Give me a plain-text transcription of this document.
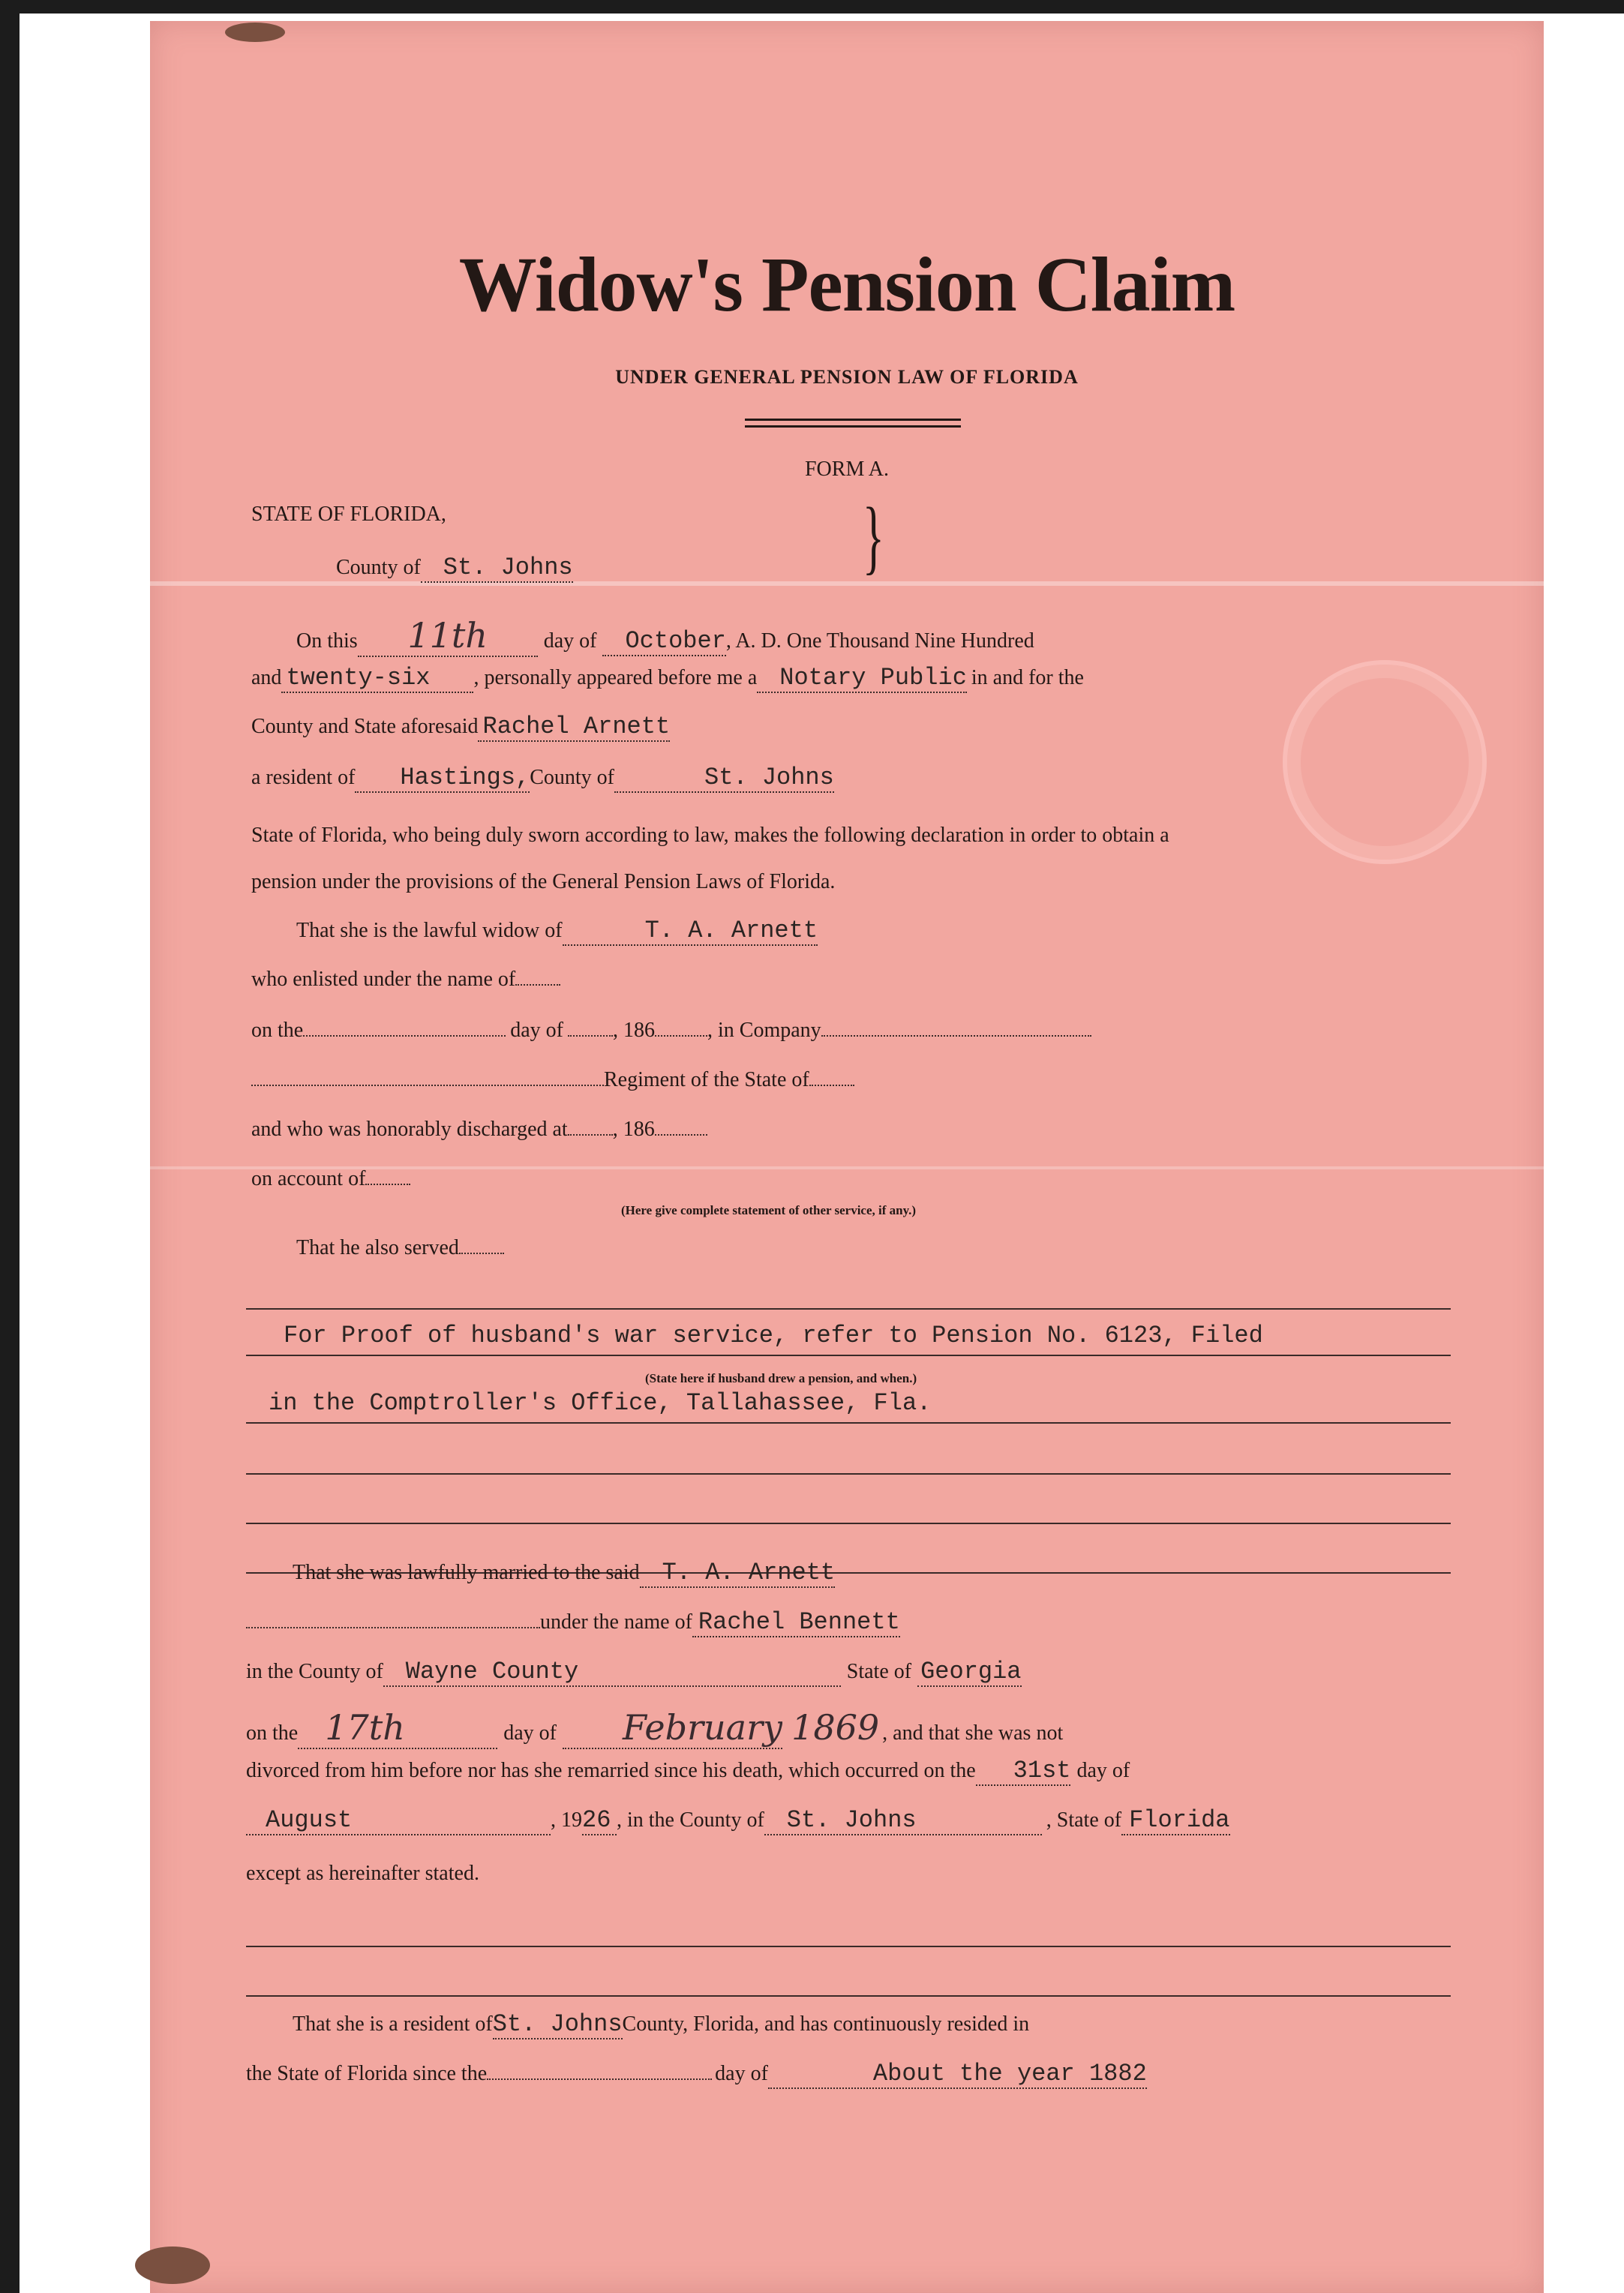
Widow's Pension Claim
UNDER GENERAL PENSION LAW OF FLORIDA
FORM A.
STATE OF FLORIDA,	}
County of St. Johns
On this	11th	day of	October , A. D. One Thousand Nine Hundred
and twenty-six	, personally appeared before me a Notary Public in and for the
County and State aforesaid Rachel Arnett
a resident of	Hastings, County of	St. Johns
State of Florida, who being duly sworn according to law, makes the following declaration in order to obtain a
pension under the provisions of the General Pension Laws of Florida.
That she is the lawful widow of	T. A. Arnett
who enlisted under the name of
on the	day of , 186	, in Company
Regiment of the State of
and who was honorably discharged at , 186
on account of
(Here give complete statement of other service, if any.)
That he also served
For Proof of husband's war service, refer to Pension No. 6123, Filed
(State here if husband drew a pension, and when.)
in the Comptroller's Office, Tallahassee, Fla.
That she was lawfully married to the said T. A. Arnett
under the name of Rachel Bennett
in the County of Wayne County	State of Georgia
on the 17th	day of	February 1869 , and that she was not
divorced from him before nor has she remarried since his death, which occurred on the	31st day of
August	, 19 26 , in the County of St. Johns	, State of Florida
except as hereinafter stated.
That she is a resident of St. Johns County, Florida, and has continuously resided in
the State of Florida since the	day of	About the year 1882
